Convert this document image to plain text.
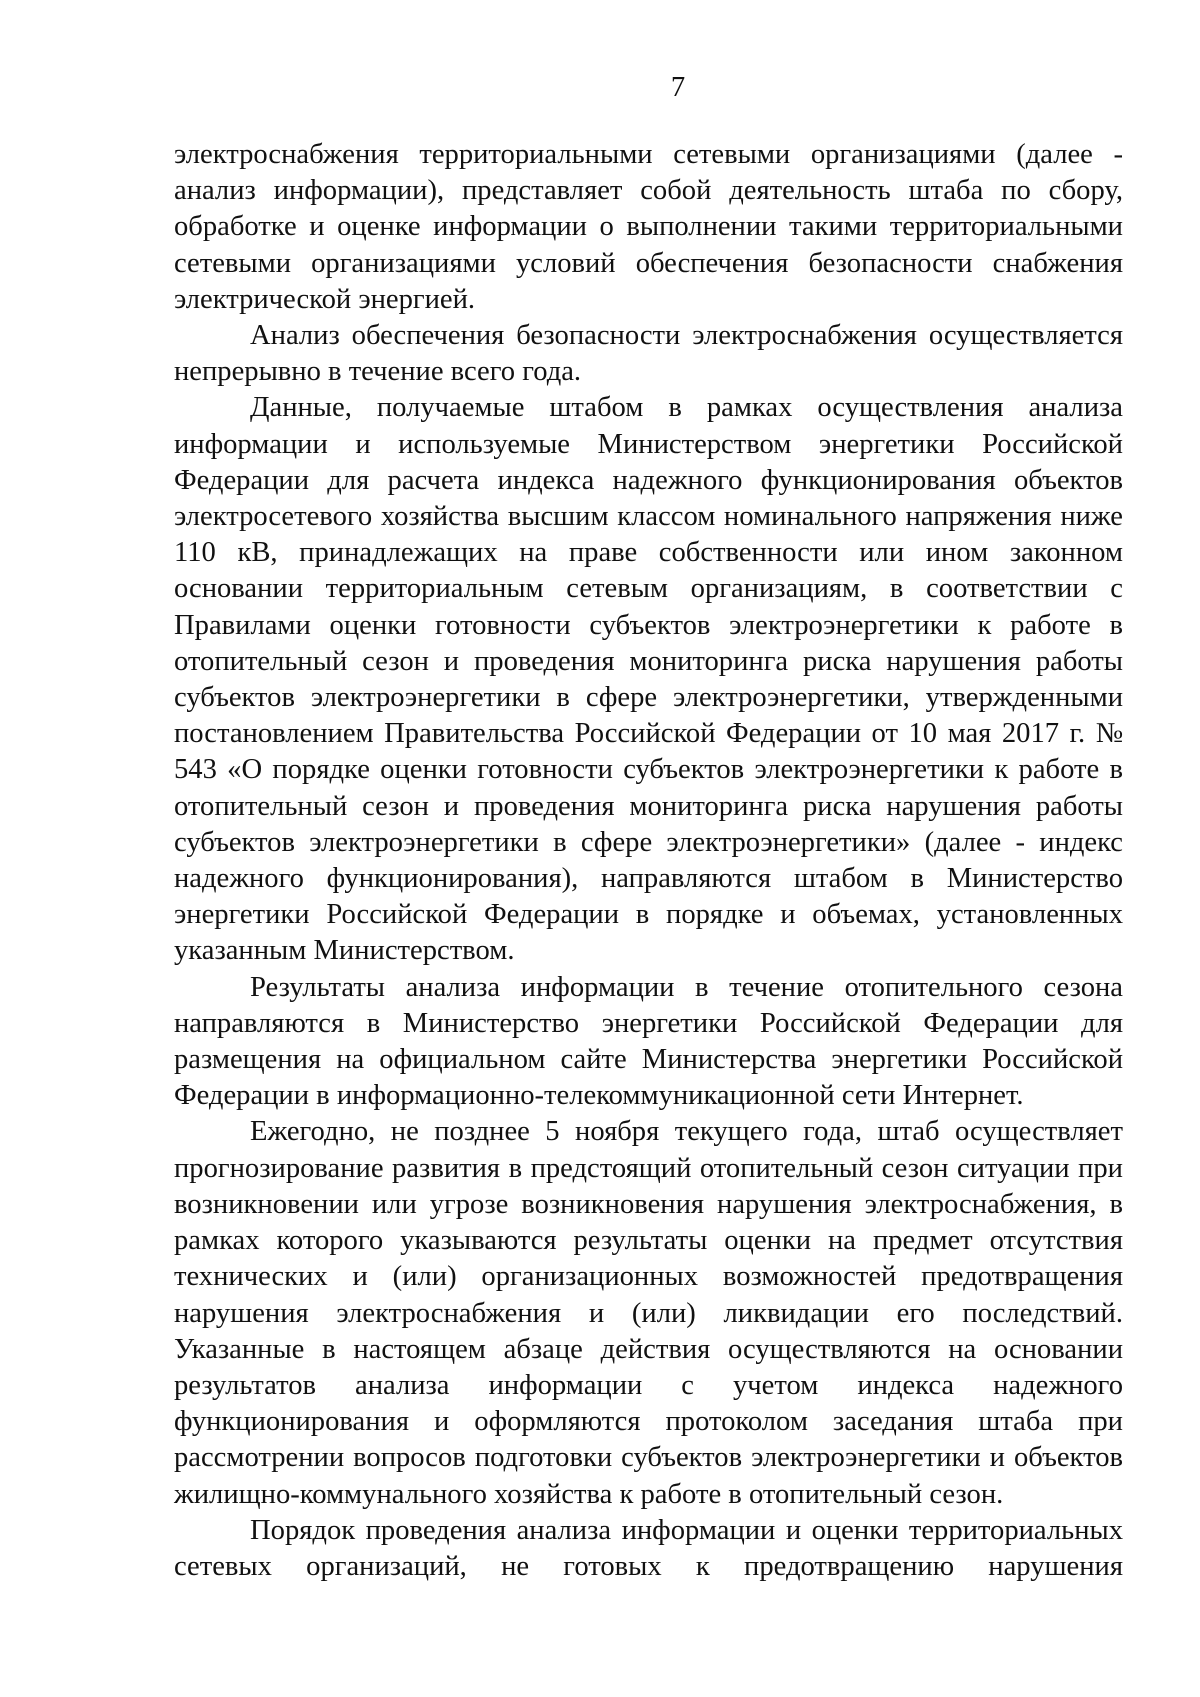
7

электроснабжения территориальными сетевыми организациями (далее - анализ информации), представляет собой деятельность штаба по сбору, обработке и оценке информации о выполнении такими территориальными сетевыми организациями условий обеспечения безопасности снабжения электрической энергией.

Анализ обеспечения безопасности электроснабжения осуществляется непрерывно в течение всего года.

Данные, получаемые штабом в рамках осуществления анализа информации и используемые Министерством энергетики Российской Федерации для расчета индекса надежного функционирования объектов электросетевого хозяйства высшим классом номинального напряжения ниже 110 кВ, принадлежащих на праве собственности или ином законном основании территориальным сетевым организациям, в соответствии с Правилами оценки готовности субъектов электроэнергетики к работе в отопительный сезон и проведения мониторинга риска нарушения работы субъектов электроэнергетики в сфере электроэнергетики, утвержденными постановлением Правительства Российской Федерации от 10 мая 2017 г. № 543 «О порядке оценки готовности субъектов электроэнергетики к работе в отопительный сезон и проведения мониторинга риска нарушения работы субъектов электроэнергетики в сфере электроэнергетики» (далее - индекс надежного функционирования), направляются штабом в Министерство энергетики Российской Федерации в порядке и объемах, установленных указанным Министерством.

Результаты анализа информации в течение отопительного сезона направляются в Министерство энергетики Российской Федерации для размещения на официальном сайте Министерства энергетики Российской Федерации в информационно-телекоммуникационной сети Интернет.

Ежегодно, не позднее 5 ноября текущего года, штаб осуществляет прогнозирование развития в предстоящий отопительный сезон ситуации при возникновении или угрозе возникновения нарушения электроснабжения, в рамках которого указываются результаты оценки на предмет отсутствия технических и (или) организационных возможностей предотвращения нарушения электроснабжения и (или) ликвидации его последствий. Указанные в настоящем абзаце действия осуществляются на основании результатов анализа информации с учетом индекса надежного функционирования и оформляются протоколом заседания штаба при рассмотрении вопросов подготовки субъектов электроэнергетики и объектов жилищно-коммунального хозяйства к работе в отопительный сезон.

Порядок проведения анализа информации и оценки территориальных сетевых организаций, не готовых к предотвращению нарушения
